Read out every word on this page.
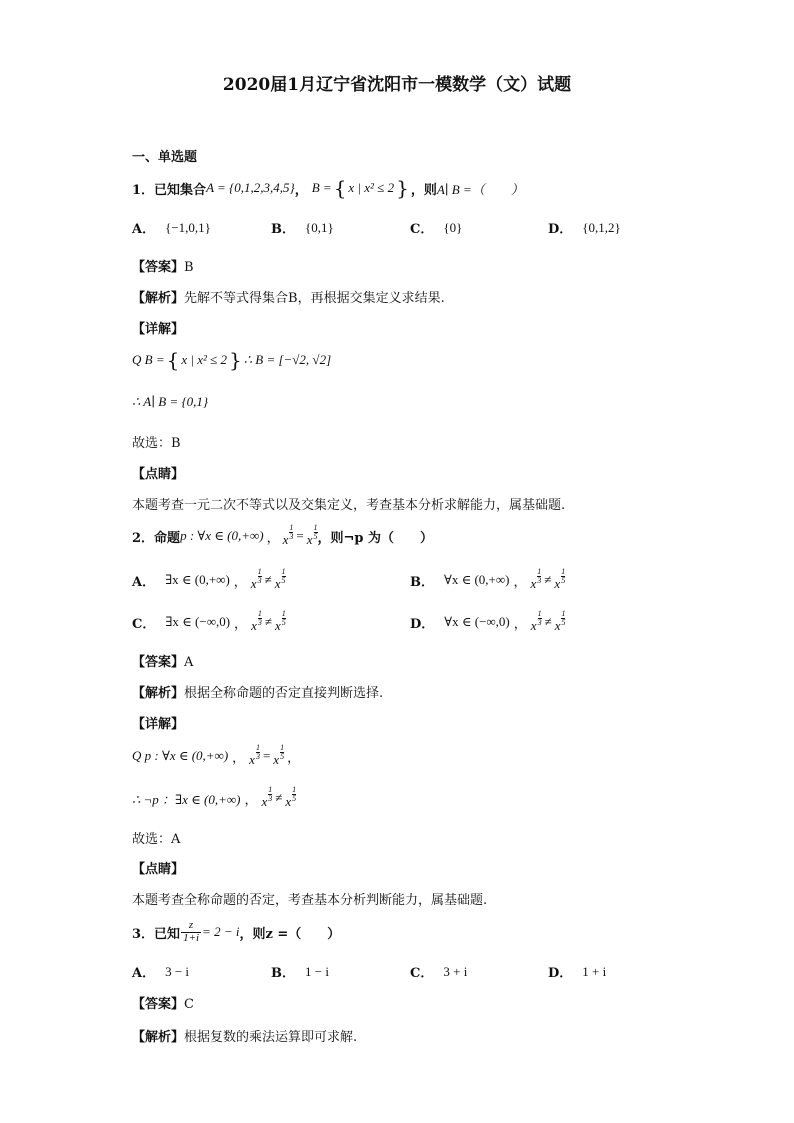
2020届1月辽宁省沈阳市一模数学（文）试题
一、单选题
1． 已知集合 A = {0,1,2,3,4,5} ， B = { x | x² ≤ 2 } ，则 A∣ B =（　　）
A． {−1,0,1}	B． {0,1}	C． {0}	D． {0,1,2}
【答案】B
【解析】先解不等式得集合B，再根据交集定义求结果.
【详解】
Q B = { x | x² ≤ 2 } ∴ B = [−√2, √2]
∴ A∣ B = {0,1}
故选：B
【点睛】
本题考查一元二次不等式以及交集定义，考查基本分析求解能力，属基础题.
2． 命题 p : ∀x ∈ (0,+∞) ， x $\frac{1}{3} = x \frac{1}{5}$ ，则¬p 为（　　）
A． ∃x ∈ (0,+∞) ， x $\frac{1}{3} \ne x \frac{1}{5}$	B． ∀x ∈ (0,+∞) ， x $\frac{1}{3} \ne x \frac{1}{5}$
C． ∃x ∈ (−∞,0) ， x $\frac{1}{3} \ne x \frac{1}{5}$	D． ∀x ∈ (−∞,0) ， x $\frac{1}{3} \ne x \frac{1}{5}$
【答案】A
【解析】根据全称命题的否定直接判断选择.
【详解】
Q p : ∀x ∈ (0,+∞) ， x $\frac{1}{3} = x \frac{1}{5}$ ，
∴ ¬p ：∃x ∈ (0,+∞) ， x $\frac{1}{3} \ne x \frac{1}{5}$
故选：A
【点睛】
本题考查全称命题的否定，考查基本分析判断能力，属基础题.
3． 已知 $\frac{z}{1+i} = 2 - i$ ，则z =（　　）
A． 3 − i	B． 1 − i	C． 3 + i	D． 1 + i
【答案】C
【解析】根据复数的乘法运算即可求解.
